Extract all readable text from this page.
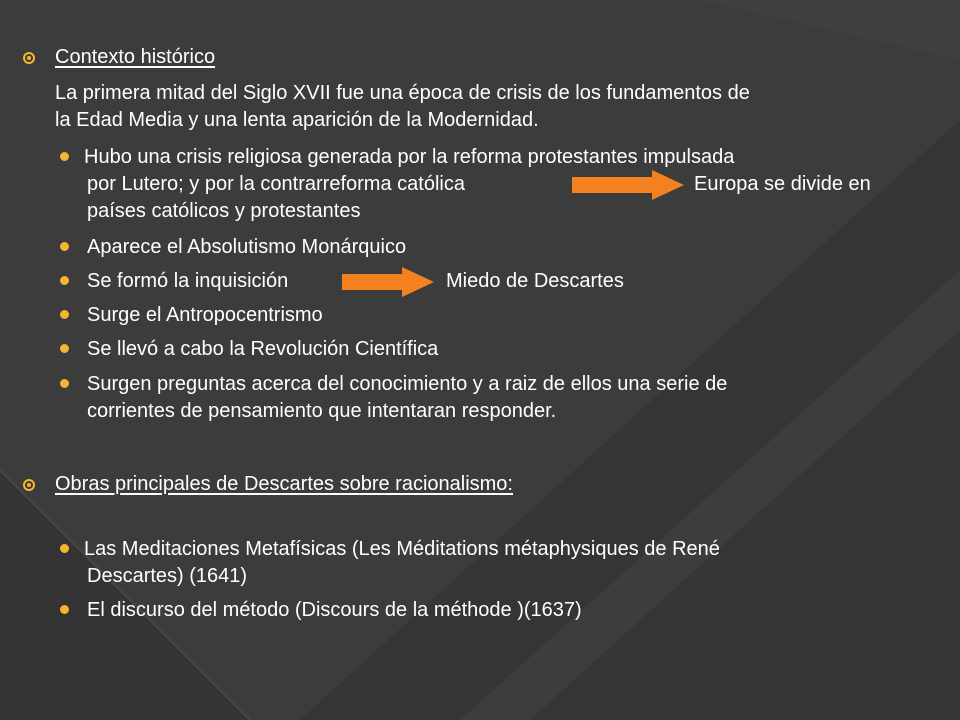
Contexto histórico
La primera mitad del Siglo XVII fue una época de crisis de los fundamentos de
la Edad Media y una lenta aparición de la Modernidad.
Hubo una crisis religiosa generada por la reforma protestantes impulsada
por Lutero; y por la contrarreforma católica	Europa se divide en
países católicos y protestantes
Aparece el Absolutismo Monárquico
Se formó la inquisición	Miedo de Descartes
Surge el Antropocentrismo
Se llevó a cabo la Revolución Científica
Surgen preguntas acerca del conocimiento y a raiz de ellos una serie de
corrientes de pensamiento que intentaran responder.
Obras principales de Descartes sobre racionalismo:
Las Meditaciones Metafísicas (Les Méditations métaphysiques de René
Descartes) (1641)
El discurso del método (Discours de la méthode )(1637)
